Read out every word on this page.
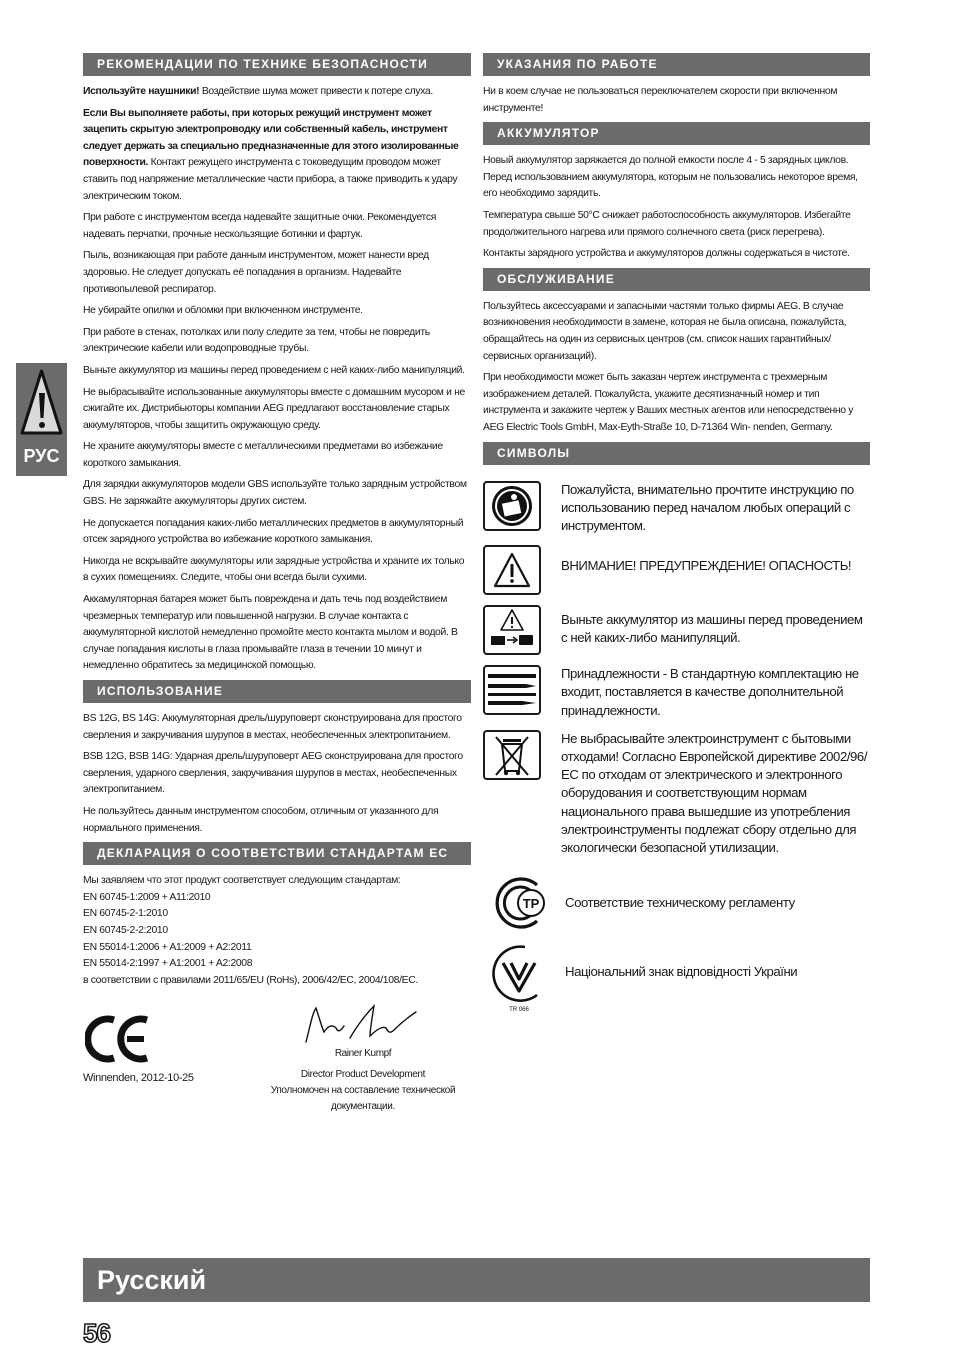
РУС
РЕКОМЕНДАЦИИ ПО ТЕХНИКЕ БЕЗОПАСНОСТИ
Используйте наушники! Воздействие шума может привести к потере слуха.
Если Вы выполняете работы, при которых режущий инструмент может зацепить скрытую электропроводку или собственный кабель, инструмент следует держать за специально предназначенные для этого изолированные поверхности. Контакт режущего инструмента с токоведущим проводом может ставить под напряжение металлические части прибора, а также приводить к удару электрическим током.
При работе с инструментом всегда надевайте защитные очки. Рекомендуется надевать перчатки, прочные нескользящие ботинки и фартук.
Пыль, возникающая при работе данным инструментом, может нанести вред здоровью. Не следует допускать её попадания в организм. Надевайте противопылевой респиратор.
Не убирайте опилки и обломки при включенном инструменте.
При работе в стенах, потолках или полу следите за тем, чтобы не повредить электрические кабели или водопроводные трубы.
Выньте аккумулятор из машины перед проведением с ней каких-либо манипуляций.
Не выбрасывайте использованные аккумуляторы вместе с домашним мусором и не сжигайте их. Дистрибьюторы компании AEG предлагают восстановление старых аккумуляторов, чтобы защитить окружающую среду.
Не храните аккумуляторы вместе с металлическими предметами во избежание короткого замыкания.
Для зарядки аккумуляторов модели GBS используйте только зарядным устройством GBS. Не заряжайте аккумуляторы других систем.
Не допускается попадания каких-либо металлических предметов в аккумуляторный отсек зарядного устройства во избежание короткого замыкания.
Никогда не вскрывайте аккумуляторы или зарядные устройства и храните их только в сухих помещениях. Следите, чтобы они всегда были сухими.
Аккамуляторная батарея может быть повреждена и дать течь под воздействием чрезмерных температур или повышенной нагрузки. В случае контакта с аккумуляторной кислотой немедленно промойте место контакта мылом и водой. В случае попадания кислоты в глаза промывайте глаза в течении 10 минут и немедленно обратитесь за медицинской помощью.
ИСПОЛЬЗОВАНИЕ
BS 12G, BS 14G: Аккумуляторная дрель/шуруповерт сконструирована для простого сверления и закручивания шурупов в местах, необеспеченных электропитанием.
BSB 12G, BSB 14G: Ударная дрель/шуруповерт AEG сконструирована для простого сверления, ударного сверления, закручивания шурупов в местах, необеспеченных электропитанием.
Не пользуйтесь данным инструментом способом, отличным от указанного для нормального применения.
ДЕКЛАРАЦИЯ О СООТВЕТСТВИИ СТАНДАРТАМ ЕС
Мы заявляем что этот продукт соответствует следующим стандартам:
EN 60745-1:2009 + A11:2010
EN 60745-2-1:2010
EN 60745-2-2:2010
EN 55014-1:2006 + A1:2009 + A2:2011
EN 55014-2:1997 + A1:2001 + A2:2008
в соответствии с правилами 2011/65/EU (RoHs), 2006/42/EC, 2004/108/EC.
Winnenden, 2012-10-25
Rainer Kumpf
Director Product Development
Уполномочен на составление технической
документации.
УКАЗАНИЯ ПО РАБОТЕ
Ни в коем случае не пользоваться переключателем скорости при включенном инструменте!
АККУМУЛЯТОР
Новый аккумулятор заряжается до полной емкости после 4 - 5 зарядных циклов. Перед использованием аккумулятора, которым не пользовались некоторое время, его необходимо зарядить.
Температура свыше 50°C снижает работоспособность аккумуляторов. Избегайте продолжительного нагрева или прямого солнечного света (риск перегрева).
Контакты зарядного устройства и аккумуляторов должны содержаться в чистоте.
ОБСЛУЖИВАНИЕ
Пользуйтесь аксессуарами и запасными частями только фирмы AEG. В случае возникновения необходимости в замене, которая не была описана, пожалуйста, обращайтесь на один из сервисных центров (см. список наших гарантийных/сервисных организаций).
При необходимости может быть заказан чертеж инструмента с трехмерным изображением деталей. Пожалуйста, укажите десятизначный номер и тип инструмента и закажите чертеж у Ваших местных агентов или непосредственно у AEG Electric Tools GmbH, Max-Eyth-Straße 10, D-71364 Win- nenden, Germany.
СИМВОЛЫ
Пожалуйста, внимательно прочтите инструкцию по использованию перед началом любых операций с инструментом.
ВНИМАНИЕ! ПРЕДУПРЕЖДЕНИЕ! ОПАСНОСТЬ!
Выньте аккумулятор из машины перед проведением с ней каких-либо манипуляций.
Принадлежности - В стандартную комплектацию не входит, поставляется в качестве дополнительной принадлежности.
Не выбрасывайте электроинструмент с бытовыми отходами! Согласно Европейской директиве 2002/96/ЕС по отходам от электрического и электронного оборудования и соответствующим нормам национального права вышедшие из употребления электроинструменты подлежат сбору отдельно для экологически безопасной утилизации.
ТР Соответствие техническому регламенту
TR 066
Національний знак відповідності України
Русский
56
